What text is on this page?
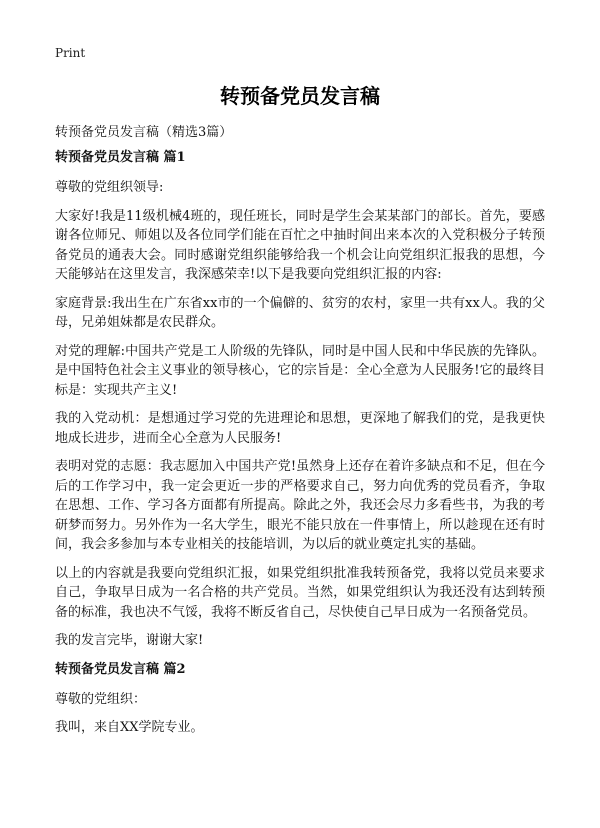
Print
转预备党员发言稿

转预备党员发言稿（精选3篇）

转预备党员发言稿 篇1

尊敬的党组织领导:

大家好!我是11级机械4班的，现任班长，同时是学生会某某部门的部长。首先，要感谢各位师兄、师姐以及各位同学们能在百忙之中抽时间出来本次的入党积极分子转预备党员的通表大会。同时感谢党组织能够给我一个机会让向党组织汇报我的思想，今天能够站在这里发言，我深感荣幸!以下是我要向党组织汇报的内容:

家庭背景:我出生在广东省xx市的一个偏僻的、贫穷的农村，家里一共有xx人。我的父母，兄弟姐妹都是农民群众。

对党的理解:中国共产党是工人阶级的先锋队，同时是中国人民和中华民族的先锋队。是中国特色社会主义事业的领导核心，它的宗旨是：全心全意为人民服务!它的最终目标是：实现共产主义!

我的入党动机：是想通过学习党的先进理论和思想，更深地了解我们的党，是我更快地成长进步，进而全心全意为人民服务!

表明对党的志愿：我志愿加入中国共产党!虽然身上还存在着许多缺点和不足，但在今后的工作学习中，我一定会更近一步的严格要求自己，努力向优秀的党员看齐，争取在思想、工作、学习各方面都有所提高。除此之外，我还会尽力多看些书，为我的考研梦而努力。另外作为一名大学生，眼光不能只放在一件事情上，所以趁现在还有时间，我会多参加与本专业相关的技能培训，为以后的就业奠定扎实的基础。

以上的内容就是我要向党组织汇报，如果党组织批准我转预备党，我将以党员来要求自己，争取早日成为一名合格的共产党员。当然，如果党组织认为我还没有达到转预备的标准，我也决不气馁，我将不断反省自己，尽快使自己早日成为一名预备党员。

我的发言完毕，谢谢大家!

转预备党员发言稿 篇2

尊敬的党组织：

我叫，来自XX学院专业。
